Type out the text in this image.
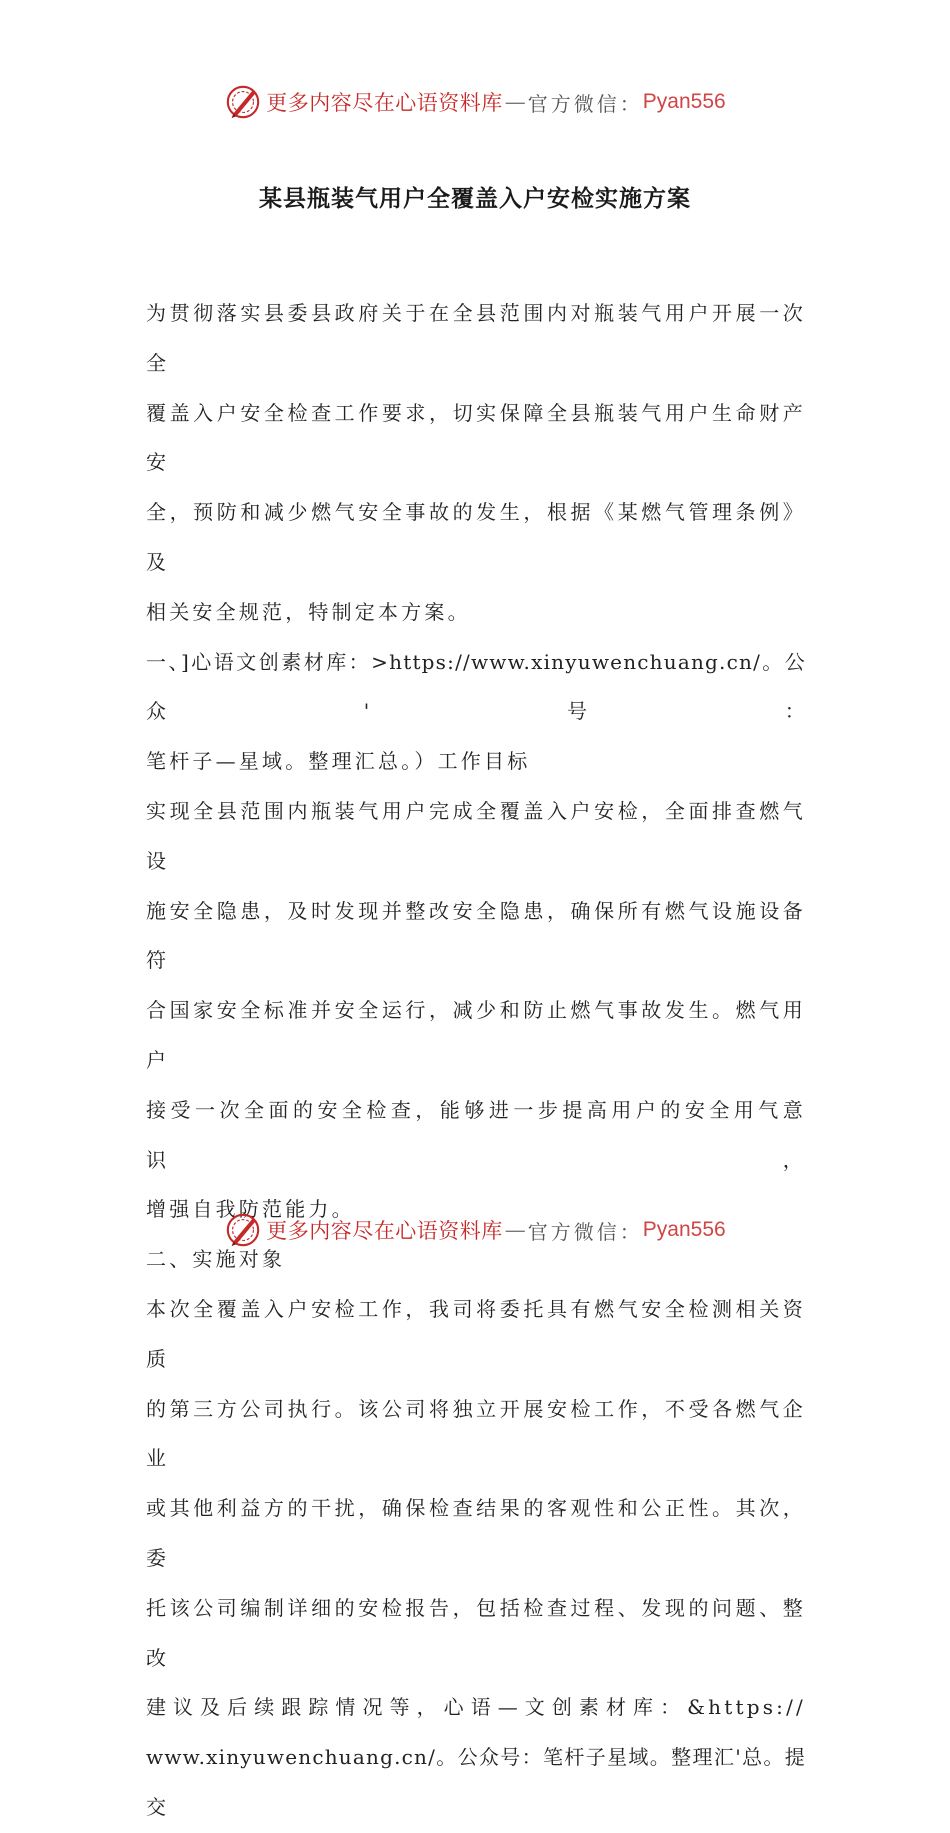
更多内容尽在心语资料库 — 官方微信： Pyan556
某县瓶装气用户全覆盖入户安检实施方案

为贯彻落实县委县政府关于在全县范围内对瓶装气用户开展一次全

覆盖入户安全检查工作要求，切实保障全县瓶装气用户生命财产安

全，预防和减少燃气安全事故的发生，根据《某燃气管理条例》及

相关安全规范，特制定本方案。

一、]心语文创素材库：>https://www.xinyuwenchuang.cn/。公众'号：

笔杆子—星域。整理汇总。）工作目标

实现全县范围内瓶装气用户完成全覆盖入户安检，全面排查燃气设

施安全隐患，及时发现并整改安全隐患，确保所有燃气设施设备符

合国家安全标准并安全运行，减少和防止燃气事故发生。燃气用户

接受一次全面的安全检查，能够进一步提高用户的安全用气意识，

增强自我防范能力。

二、实施对象

本次全覆盖入户安检工作，我司将委托具有燃气安全检测相关资质

的第三方公司执行。该公司将独立开展安检工作，不受各燃气企业

或其他利益方的干扰，确保检查结果的客观性和公正性。其次，委

托该公司编制详细的安检报告，包括检查过程、发现的问题、整改

建议及后续跟踪情况等，心语—文创素材库：&https://

www.xinyuwenchuang.cn/。公众号：笔杆子星域。整理汇'总。提交

更多内容尽在心语资料库 — 官方微信： Pyan556
